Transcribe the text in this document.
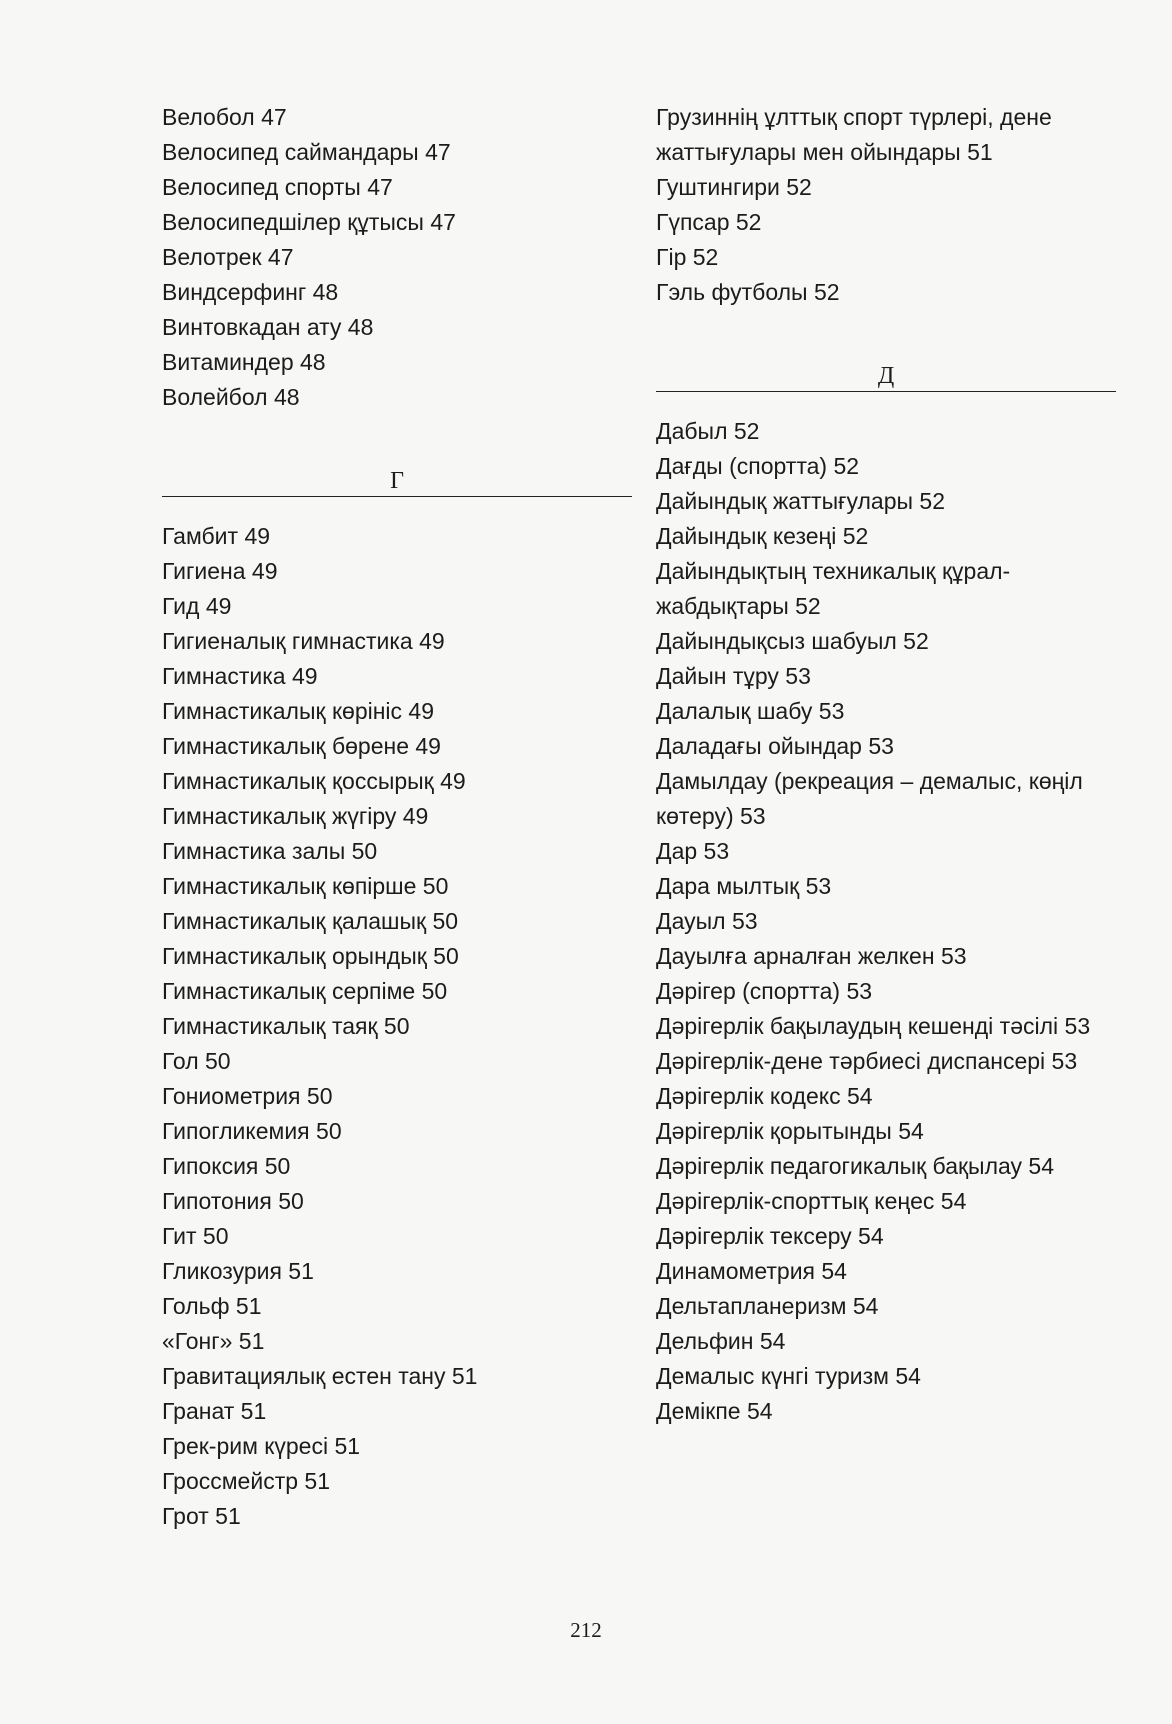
Велобол 47

Велосипед саймандары 47

Велосипед спорты 47

Велосипедшілер құтысы 47

Велотрек 47

Виндсерфинг 48

Винтовкадан ату 48

Витаминдер 48

Волейбол 48

Г

Гамбит 49

Гигиена 49

Гид 49

Гигиеналық гимнастика 49

Гимнастика 49

Гимнастикалық көрініс 49

Гимнастикалық бөрене 49

Гимнастикалық қоссырық 49

Гимнастикалық жүгіру 49

Гимнастика залы 50

Гимнастикалық көпірше 50

Гимнастикалық қалашық 50

Гимнастикалық орындық 50

Гимнастикалық серпіме 50

Гимнастикалық таяқ 50

Гол 50

Гониометрия 50

Гипогликемия 50

Гипоксия 50

Гипотония 50

Гит 50

Гликозурия 51

Гольф 51

«Гонг» 51

Гравитациялық естен тану 51

Гранат 51

Грек-рим күресі 51

Гроссмейстр 51

Грот 51

Грузиннің ұлттық спорт түрлері, дене жаттығулары мен ойындары 51

Гуштингири 52

Гүпсар 52

Гір 52

Гэль футболы 52

Д

Дабыл 52

Дағды (спортта) 52

Дайындық жаттығулары 52

Дайындық кезеңі 52

Дайындықтың техникалық құрал-жабдықтары 52

Дайындықсыз шабуыл 52

Дайын тұру 53

Далалық шабу 53

Даладағы ойындар 53

Дамылдау (рекреация – демалыс, көңіл көтеру) 53

Дар 53

Дара мылтық 53

Дауыл 53

Дауылға арналған желкен 53

Дәрігер (спортта) 53

Дәрігерлік бақылаудың кешенді тәсілі 53

Дәрігерлік-дене тәрбиесі диспансері 53

Дәрігерлік кодекс 54

Дәрігерлік қорытынды 54

Дәрігерлік педагогикалық бақылау 54

Дәрігерлік-спорттық кеңес 54

Дәрігерлік тексеру 54

Динамометрия 54

Дельтапланеризм 54

Дельфин 54

Демалыс күнгі туризм 54

Демікпе 54

212
